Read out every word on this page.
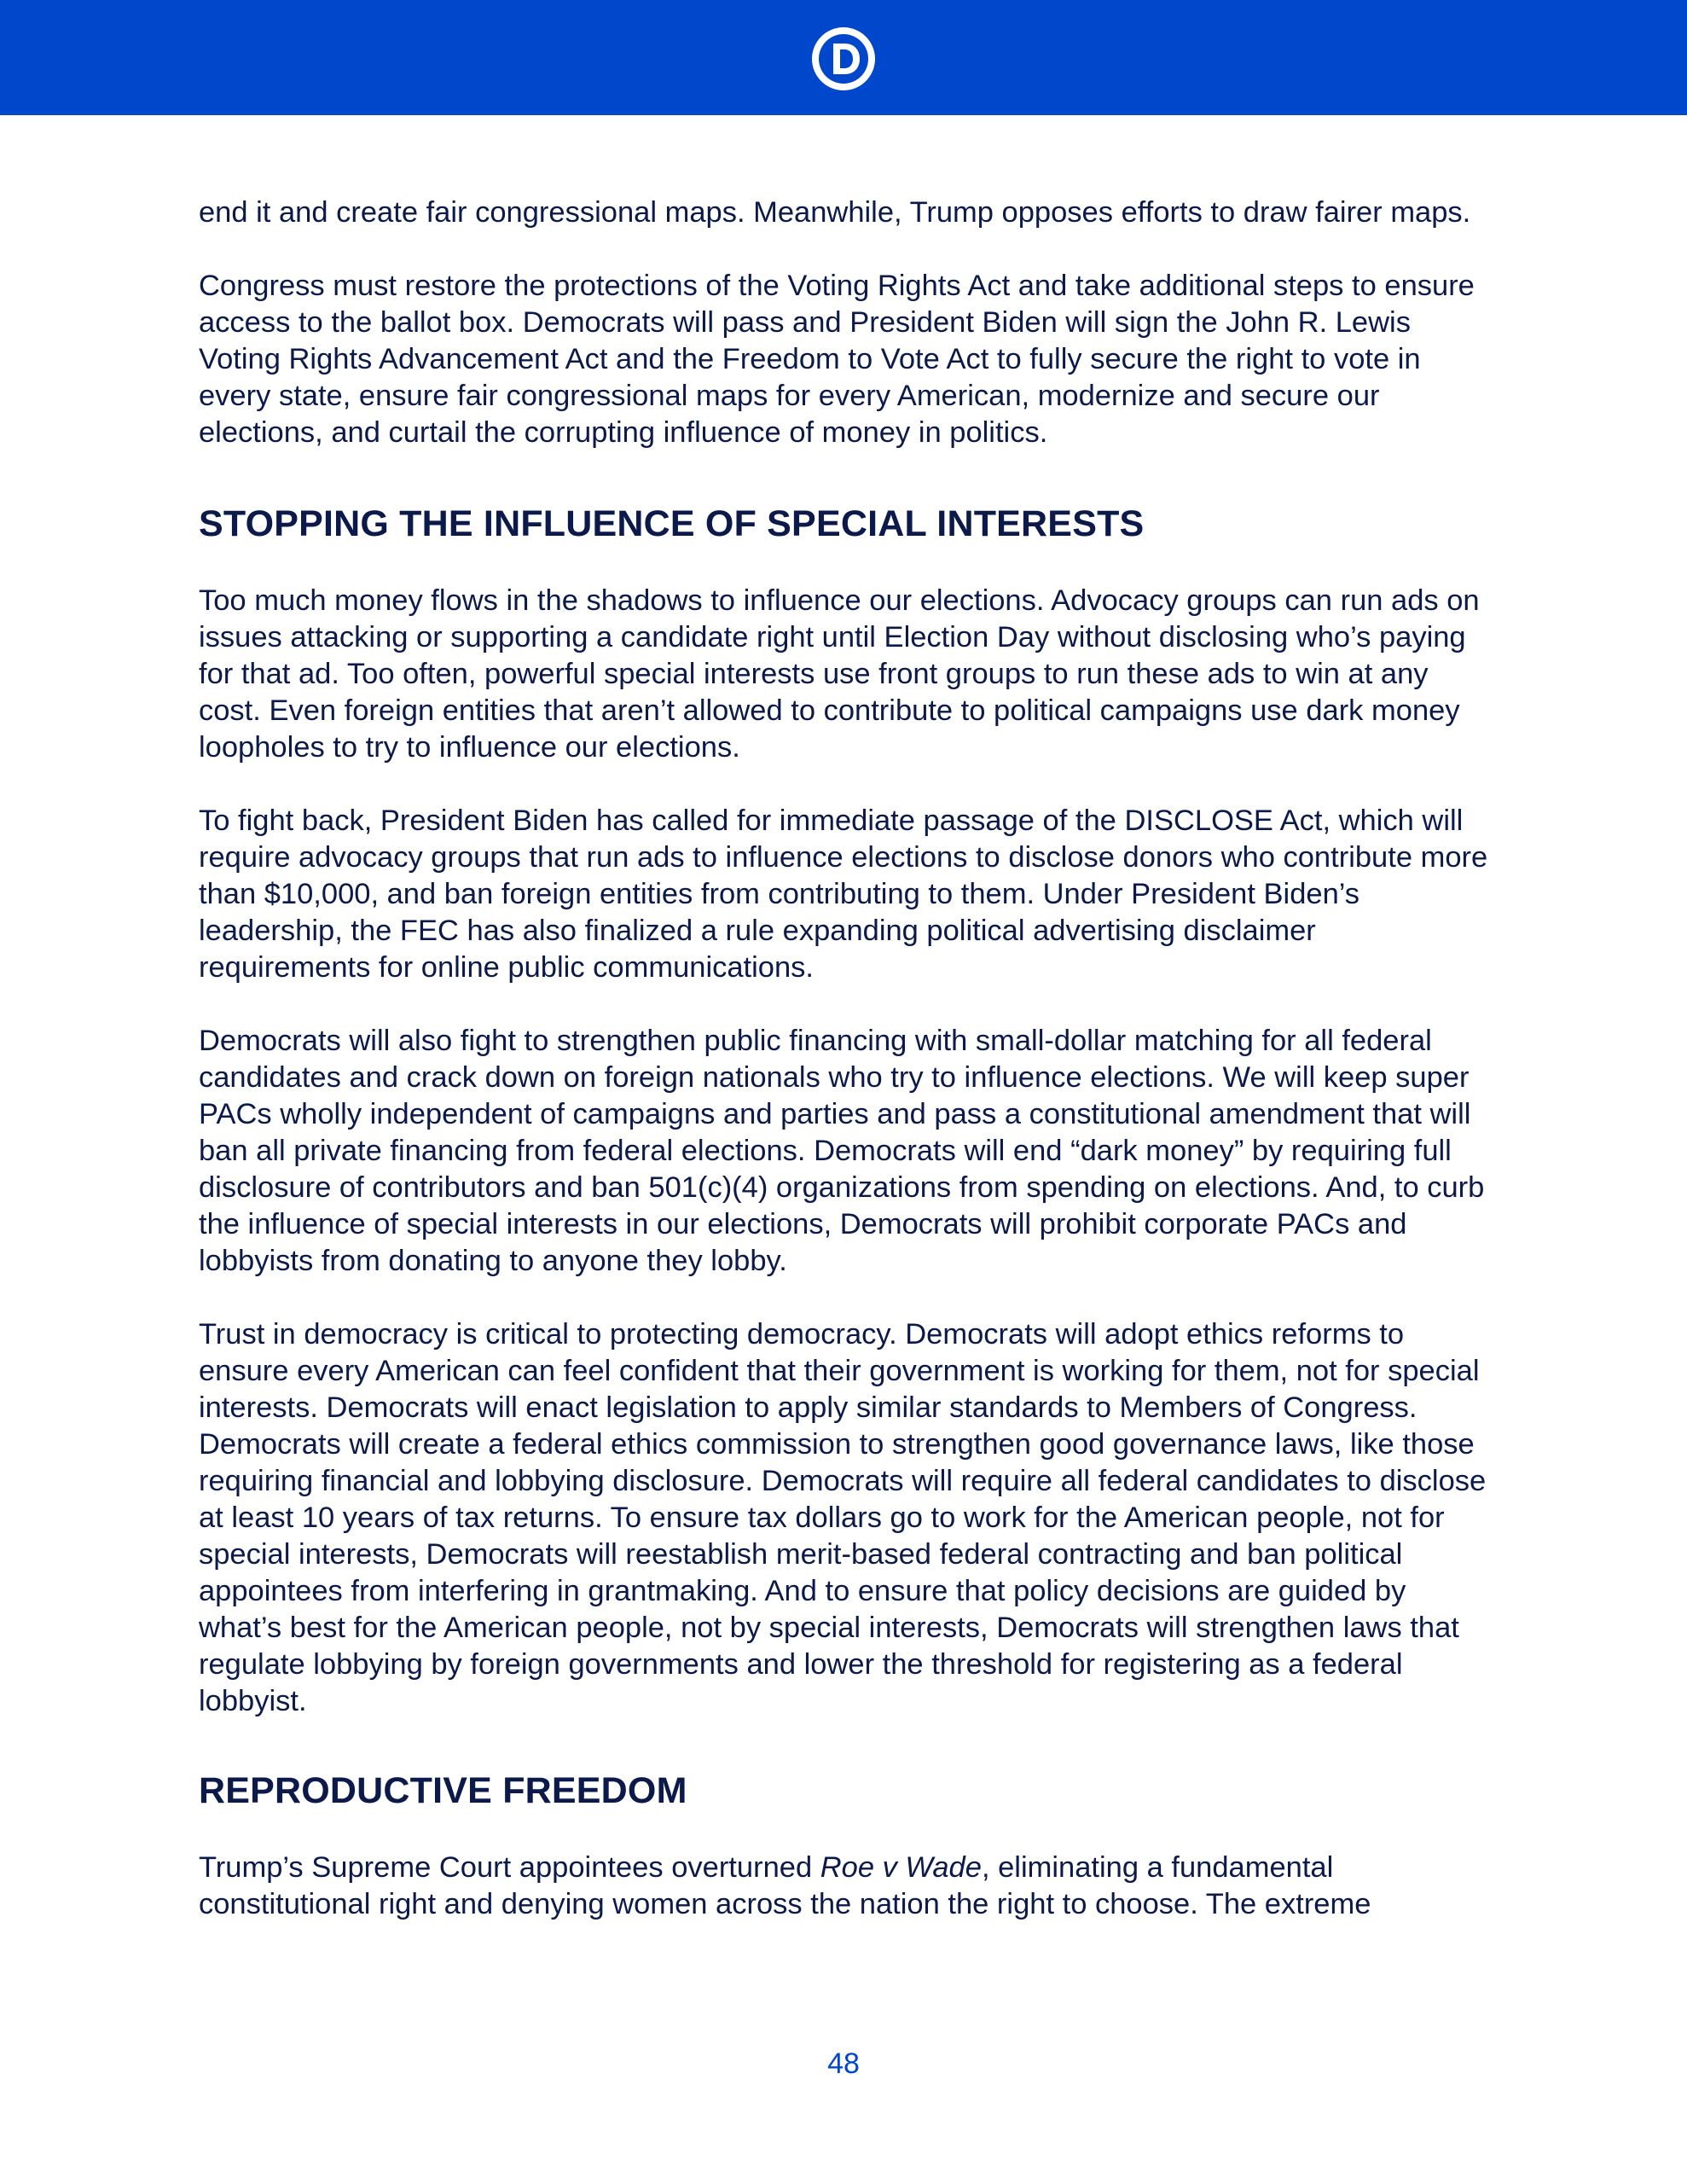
end it and create fair congressional maps. Meanwhile, Trump opposes efforts to draw fairer maps.

Congress must restore the protections of the Voting Rights Act and take additional steps to ensure access to the ballot box. Democrats will pass and President Biden will sign the John R. Lewis Voting Rights Advancement Act and the Freedom to Vote Act to fully secure the right to vote in every state, ensure fair congressional maps for every American, modernize and secure our elections, and curtail the corrupting influence of money in politics.

STOPPING THE INFLUENCE OF SPECIAL INTERESTS

Too much money flows in the shadows to influence our elections. Advocacy groups can run ads on issues attacking or supporting a candidate right until Election Day without disclosing who’s paying for that ad. Too often, powerful special interests use front groups to run these ads to win at any cost. Even foreign entities that aren’t allowed to contribute to political campaigns use dark money loopholes to try to influence our elections.

To fight back, President Biden has called for immediate passage of the DISCLOSE Act, which will require advocacy groups that run ads to influence elections to disclose donors who contribute more than $10,000, and ban foreign entities from contributing to them. Under President Biden’s leadership, the FEC has also finalized a rule expanding political advertising disclaimer requirements for online public communications.

Democrats will also fight to strengthen public financing with small-dollar matching for all federal candidates and crack down on foreign nationals who try to influence elections. We will keep super PACs wholly independent of campaigns and parties and pass a constitutional amendment that will ban all private financing from federal elections. Democrats will end “dark money” by requiring full disclosure of contributors and ban 501(c)(4) organizations from spending on elections. And, to curb the influence of special interests in our elections, Democrats will prohibit corporate PACs and lobbyists from donating to anyone they lobby.

Trust in democracy is critical to protecting democracy. Democrats will adopt ethics reforms to ensure every American can feel confident that their government is working for them, not for special interests. Democrats will enact legislation to apply similar standards to Members of Congress. Democrats will create a federal ethics commission to strengthen good governance laws, like those requiring financial and lobbying disclosure. Democrats will require all federal candidates to disclose at least 10 years of tax returns. To ensure tax dollars go to work for the American people, not for special interests, Democrats will reestablish merit-based federal contracting and ban political appointees from interfering in grantmaking. And to ensure that policy decisions are guided by what’s best for the American people, not by special interests, Democrats will strengthen laws that regulate lobbying by foreign governments and lower the threshold for registering as a federal lobbyist.

REPRODUCTIVE FREEDOM

Trump’s Supreme Court appointees overturned Roe v Wade, eliminating a fundamental constitutional right and denying women across the nation the right to choose. The extreme

48
